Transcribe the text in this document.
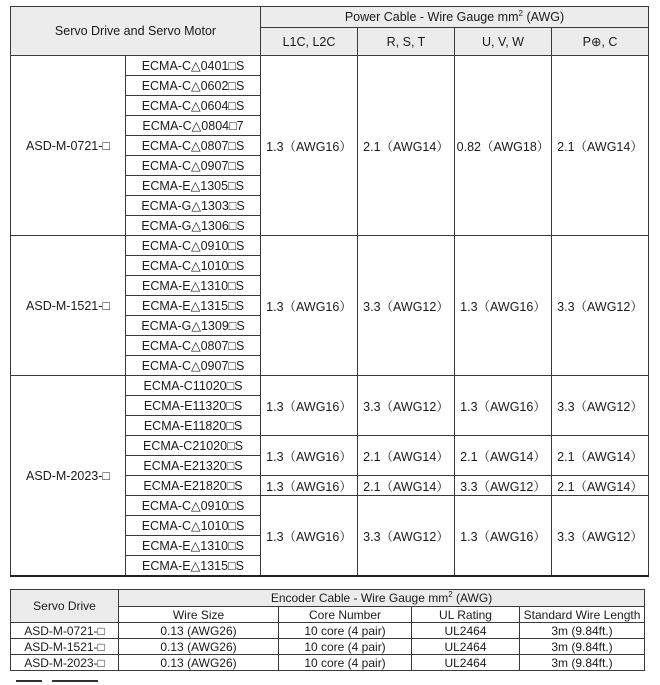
Servo Drive and Servo Motor		Power Cable - Wire Gauge $mm^2$ (AWG)			
		L1C, L2C	R, S, T	U, V, W	P⊕, C
ASD-M-0721-□	ECMA-C△0401□S	1.3（AWG16）	2.1（AWG14）	0.82（AWG18）	2.1（AWG14）
	ECMA-C△0602□S				
	ECMA-C△0604□S				
	ECMA-C△0804□7				
	ECMA-C△0807□S				
	ECMA-C△0907□S				
	ECMA-E△1305□S				
	ECMA-G△1303□S				
	ECMA-G△1306□S				
ASD-M-1521-□	ECMA-C△0910□S	1.3（AWG16）	3.3（AWG12）	1.3（AWG16）	3.3（AWG12）
	ECMA-C△1010□S				
	ECMA-E△1310□S				
	ECMA-E△1315□S				
	ECMA-G△1309□S				
	ECMA-C△0807□S				
	ECMA-C△0907□S				
ASD-M-2023-□	ECMA-C11020□S	1.3（AWG16）	3.3（AWG12）	1.3（AWG16）	3.3（AWG12）
	ECMA-E11320□S				
	ECMA-E11820□S				
	ECMA-C21020□S	1.3（AWG16）	2.1（AWG14）	2.1（AWG14）	2.1（AWG14）
	ECMA-E21320□S				
	ECMA-E21820□S	1.3（AWG16）	2.1（AWG14）	3.3（AWG12）	2.1（AWG14）
	ECMA-C△0910□S	1.3（AWG16）	3.3（AWG12）	1.3（AWG16）	3.3（AWG12）
	ECMA-C△1010□S				
	ECMA-E△1310□S				
	ECMA-E△1315□S				
Servo Drive	Encoder Cable - Wire Gauge $mm^2$ (AWG)			
	Wire Size	Core Number	UL Rating	Standard Wire Length
ASD-M-0721-□	0.13 (AWG26)	10 core (4 pair)	UL2464	3m (9.84ft.)
ASD-M-1521-□	0.13 (AWG26)	10 core (4 pair)	UL2464	3m (9.84ft.)
ASD-M-2023-□	0.13 (AWG26)	10 core (4 pair)	UL2464	3m (9.84ft.)
